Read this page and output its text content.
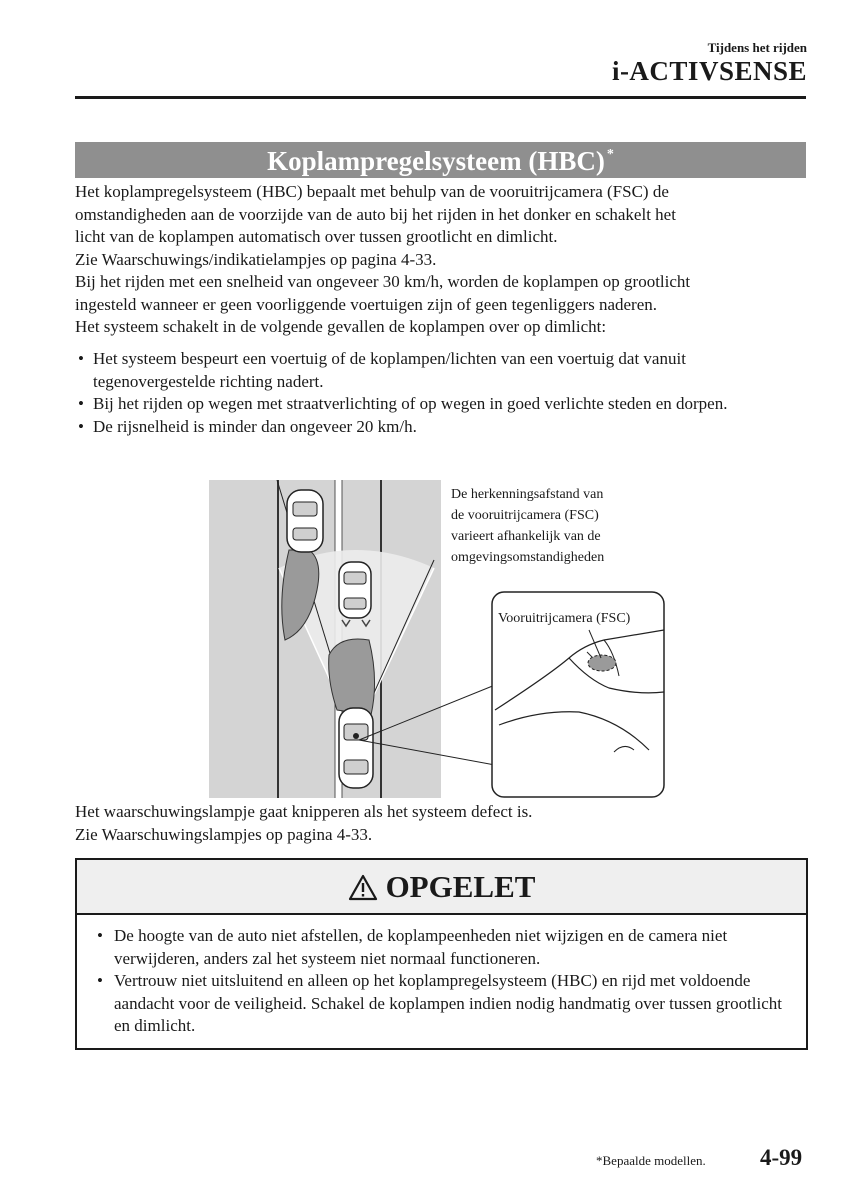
Tijdens het rijden
i-ACTIVSENSE
Koplampregelsysteem (HBC) *

Het koplampregelsysteem (HBC) bepaalt met behulp van de vooruitrijcamera (FSC) de

omstandigheden aan de voorzijde van de auto bij het rijden in het donker en schakelt het

licht van de koplampen automatisch over tussen grootlicht en dimlicht.

Zie Waarschuwings/indikatielampjes op pagina 4-33.

Bij het rijden met een snelheid van ongeveer 30 km/h, worden de koplampen op grootlicht

ingesteld wanneer er geen voorliggende voertuigen zijn of geen tegenliggers naderen.

Het systeem schakelt in de volgende gevallen de koplampen over op dimlicht:

• Het systeem bespeurt een voertuig of de koplampen/lichten van een voertuig dat vanuit tegenovergestelde richting nadert.
• Bij het rijden op wegen met straatverlichting of op wegen in goed verlichte steden en dorpen.
• De rijsnelheid is minder dan ongeveer 20 km/h.
De herkenningsafstand van
de vooruitrijcamera (FSC)
varieert afhankelijk van de
omgevingsomstandigheden
Vooruitrijcamera (FSC)

Het waarschuwingslampje gaat knipperen als het systeem defect is.

Zie Waarschuwingslampjes op pagina 4-33.

OPGELET
• De hoogte van de auto niet afstellen, de koplampeenheden niet wijzigen en de camera niet verwijderen, anders zal het systeem niet normaal functioneren.
• Vertrouw niet uitsluitend en alleen op het koplampregelsysteem (HBC) en rijd met voldoende aandacht voor de veiligheid. Schakel de koplampen indien nodig handmatig over tussen grootlicht en dimlicht.
*Bepaalde modellen. 4-99
